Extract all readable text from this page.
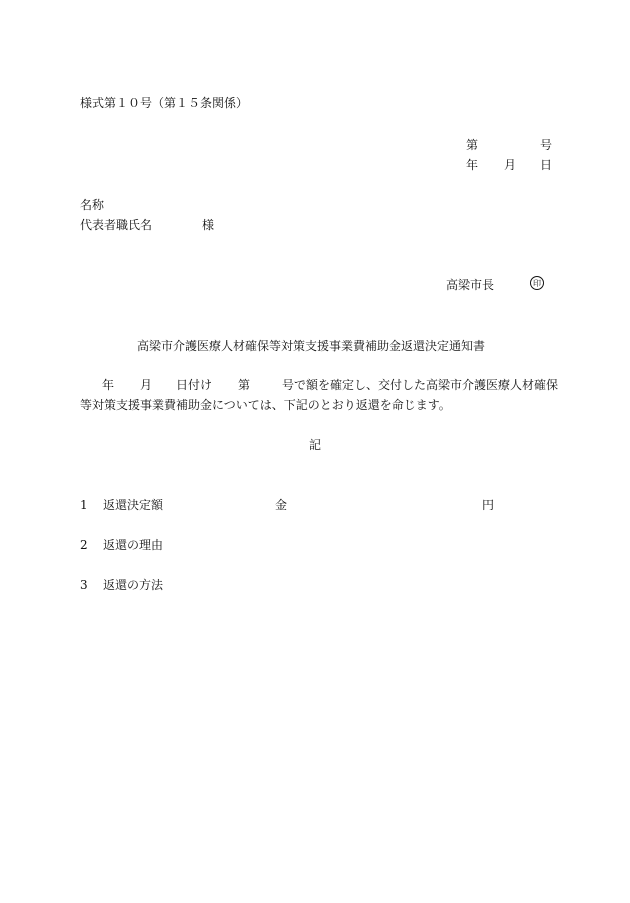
様式第１０号（第１５条関係）
第	号
年 月 日
名称
代表者職氏名	様
高梁市長	印
高梁市介護医療人材確保等対策支援事業費補助金返還決定通知書
年 月 日付け 第	号で額を確定し、交付した高梁市介護医療人材確保
等対策支援事業費補助金については、下記のとおり返還を命じます。
記
1 返還決定額	金	円
2 返還の理由
3 返還の方法
